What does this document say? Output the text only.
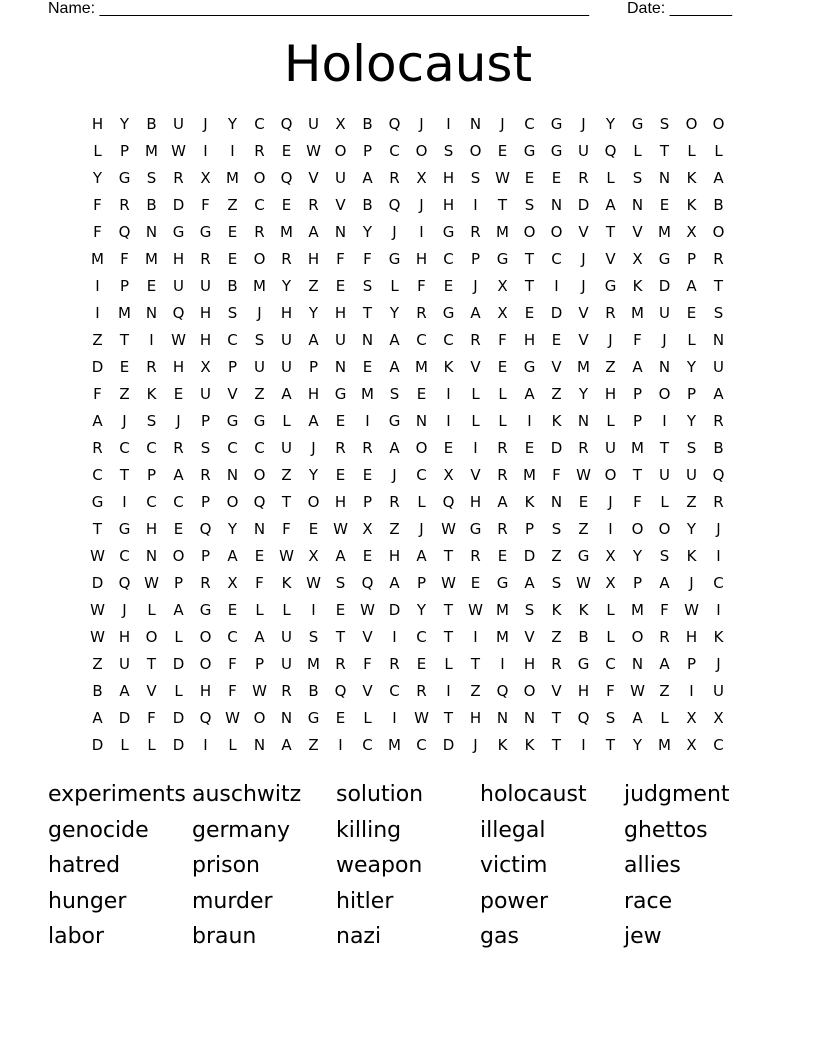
Name: _______________________________________________________ Date: _______
Holocaust
H	Y	B	U	J	Y	C	Q	U	X	B	Q	J	I	N	J	C	G	J	Y	G	S	O	O
L	P	M W	I	I	R	E W O	P	C	O	S	O	E	G	G	U	Q	L	T	L	L
Y	G	S	R	X	M O	Q	V	U	A	R	X	H	S W E	E	R	L	S	N	K	A
F	R	B	D	F	Z	C	E	R	V	B	Q	J	H	I	T	S	N	D	A	N	E	K	B
F	Q	N	G	G	E	R	M	A	N	Y	J	I	G	R	M O	O	V	T	V	M	X	O
M	F	M H	R	E	O	R	H	F	F	G	H	C	P	G	T	C	J	V	X	G	P	R
I	P	E	U	U	B	M	Y	Z	E	S	L	F	E	J	X	T	I	J	G	K	D	A	T
I	M N	Q	H	S	J	H	Y	H	T	Y	R	G	A	X	E	D	V	R	M	U	E	S
Z	T	I	W H	C	S	U	A	U	N	A	C	C	R	F	H	E	V	J	F	J	L	N
D	E	R	H	X	P	U	U	P	N	E	A	M	K	V	E	G	V	M	Z	A	N	Y	U
F	Z	K	E	U	V	Z	A	H	G M	S	E	I	L	L	A	Z	Y	H	P	O	P	A
A	J	S	J	P	G	G	L	A	E	I	G	N	I	L	L	I	K	N	L	P	I	Y	R
R	C	C	R	S	C	C	U	J	R	R	A	O	E	I	R	E	D	R	U	M	T	S	B
C	T	P	A	R	N	O	Z	Y	E	E	J	C	X	V	R	M	F	W O	T	U	U	Q
G	I	C	C	P	O	Q	T	O	H	P	R	L	Q	H	A	K	N	E	J	F	L	Z	R
T	G	H	E	Q	Y	N	F	E W X	Z	J	W G	R	P	S	Z	I	O	O	Y	J
W C	N	O	P	A	E W X	A	E	H	A	T	R	E	D	Z	G	X	Y	S	K	I
D	Q W	P	R	X	F	K W S	Q	A	P	W E	G	A	S W X	P	A	J	C
W	J	L	A	G	E	L	L	I	E W D	Y	T	W M	S	K	K	L	M	F	W	I
W H	O	L	O	C	A	U	S	T	V	I	C	T	I	M	V	Z	B	L	O	R	H	K
Z	U	T	D	O	F	P	U	M	R	F	R	E	L	T	I	H	R	G	C	N	A	P	J
B	A	V	L	H	F	W R	B	Q	V	C	R	I	Z	Q	O	V	H	F	W Z	I	U
A	D	F	D	Q W O	N	G	E	L	I	W T	H	N	N	T	Q	S	A	L	X	X
D	L	L	D	I	L	N	A	Z	I	C	M	C	D	J	K	K	T	I	T	Y	M	X	C
experiments auschwitz	solution	holocaust	judgment
genocide	germany	killing	illegal	ghettos
hatred	prison	weapon	victim	allies
hunger	murder	hitler	power	race
labor	braun	nazi	gas	jew
